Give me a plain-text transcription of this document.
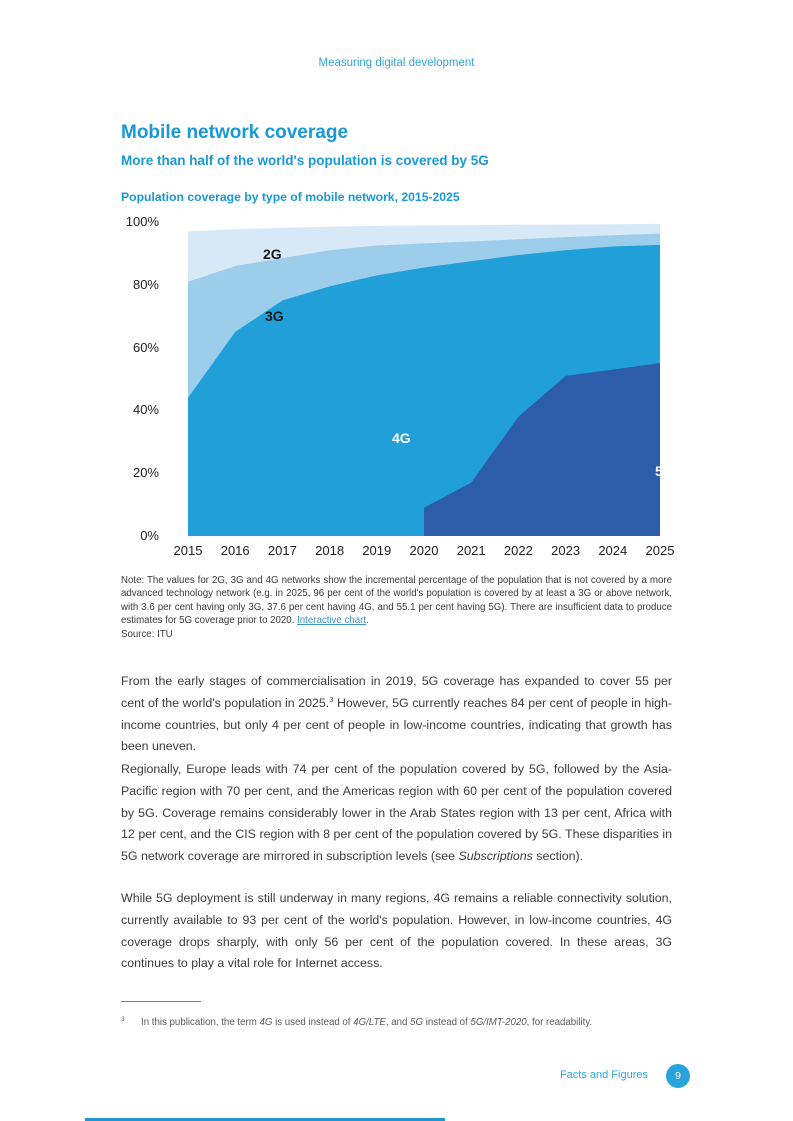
Measuring digital development
Mobile network coverage
More than half of the world's population is covered by 5G
Population coverage by type of mobile network, 2015-2025
2G
3G
4G
5G
100%
80%
60%
40%
20%
0%
2015	2016	2017	2018	2019	2020	2021	2022	2023	2024	2025
Note: The values for 2G, 3G and 4G networks show the incremental percentage of the population that is not covered by a more advanced technology network (e.g. in 2025, 96 per cent of the world's population is covered by at least a 3G or above network, with 3.6 per cent having only 3G, 37.6 per cent having 4G, and 55.1 per cent having 5G). There are insufficient data to produce estimates for 5G coverage prior to 2020. Interactive chart.
Source: ITU

From the early stages of commercialisation in 2019, 5G coverage has expanded to cover 55 per cent of the world's population in 2025.$^3$ However, 5G currently reaches 84 per cent of people in high-income countries, but only 4 per cent of people in low-income countries, indicating that growth has been uneven.

Regionally, Europe leads with 74 per cent of the population covered by 5G, followed by the Asia-Pacific region with 70 per cent, and the Americas region with 60 per cent of the population covered by 5G. Coverage remains considerably lower in the Arab States region with 13 per cent, Africa with 12 per cent, and the CIS region with 8 per cent of the population covered by 5G. These disparities in 5G network coverage are mirrored in subscription levels (see Subscriptions section).

While 5G deployment is still underway in many regions, 4G remains a reliable connectivity solution, currently available to 93 per cent of the world's population. However, in low-income countries, 4G coverage drops sharply, with only 56 per cent of the population covered. In these areas, 3G continues to play a vital role for Internet access.

3 In this publication, the term 4G is used instead of 4G/LTE, and 5G instead of 5G/IMT-2020, for readability.
Facts and Figures	9
